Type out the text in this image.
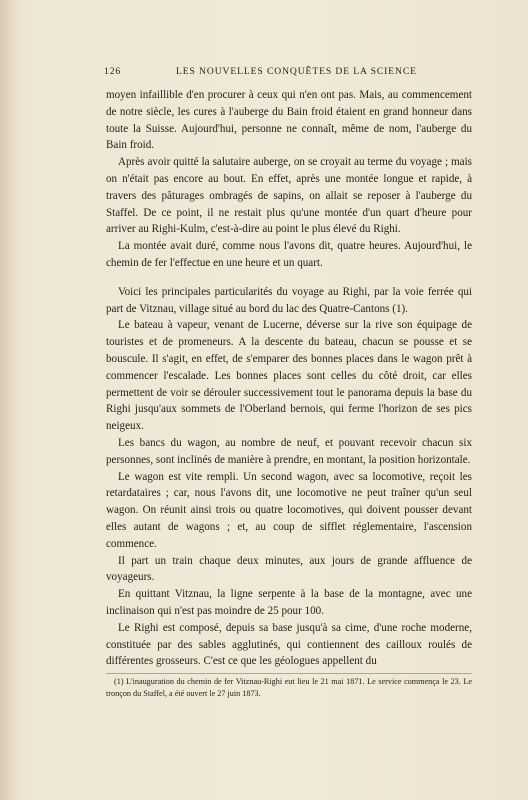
126	LES NOUVELLES CONQUÊTES DE LA SCIENCE

moyen infaillible d'en procurer à ceux qui n'en ont pas. Mais, au commencement de notre siècle, les cures à l'auberge du Bain froid étaient en grand honneur dans toute la Suisse. Aujourd'hui, personne ne connaît, même de nom, l'auberge du Bain froid.

Après avoir quitté la salutaire auberge, on se croyait au terme du voyage ; mais on n'était pas encore au bout. En effet, après une montée longue et rapide, à travers des pâturages ombragés de sapins, on allait se reposer à l'auberge du Staffel. De ce point, il ne restait plus qu'une montée d'un quart d'heure pour arriver au Righi-Kulm, c'est-à-dire au point le plus élevé du Righi.

La montée avait duré, comme nous l'avons dit, quatre heures. Aujourd'hui, le chemin de fer l'effectue en une heure et un quart.

Voici les principales particularités du voyage au Righi, par la voie ferrée qui part de Vitznau, village situé au bord du lac des Quatre-Cantons (1).

Le bateau à vapeur, venant de Lucerne, déverse sur la rive son équipage de touristes et de promeneurs. A la descente du bateau, chacun se pousse et se bouscule. Il s'agit, en effet, de s'emparer des bonnes places dans le wagon prêt à commencer l'escalade. Les bonnes places sont celles du côté droit, car elles permettent de voir se dérouler successivement tout le panorama depuis la base du Righi jusqu'aux sommets de l'Oberland bernois, qui ferme l'horizon de ses pics neigeux.

Les bancs du wagon, au nombre de neuf, et pouvant recevoir chacun six personnes, sont inclinés de manière à prendre, en montant, la position horizontale.

Le wagon est vite rempli. Un second wagon, avec sa locomotive, reçoit les retardataires ; car, nous l'avons dit, une locomotive ne peut traîner qu'un seul wagon. On réunit ainsi trois ou quatre locomotives, qui doivent pousser devant elles autant de wagons ; et, au coup de sifflet réglementaire, l'ascension commence.

Il part un train chaque deux minutes, aux jours de grande affluence de voyageurs.

En quittant Vitznau, la ligne serpente à la base de la montagne, avec une inclinaison qui n'est pas moindre de 25 pour 100.

Le Righi est composé, depuis sa base jusqu'à sa cime, d'une roche moderne, constituée par des sables agglutinés, qui contiennent des cailloux roulés de différentes grosseurs. C'est ce que les géologues appellent du

(1) L'inauguration du chemin de fer Vitznau-Righi eut lieu le 21 mai 1871. Le service commença le 23. Le tronçon du Staffel, a été ouvert le 27 juin 1873.
